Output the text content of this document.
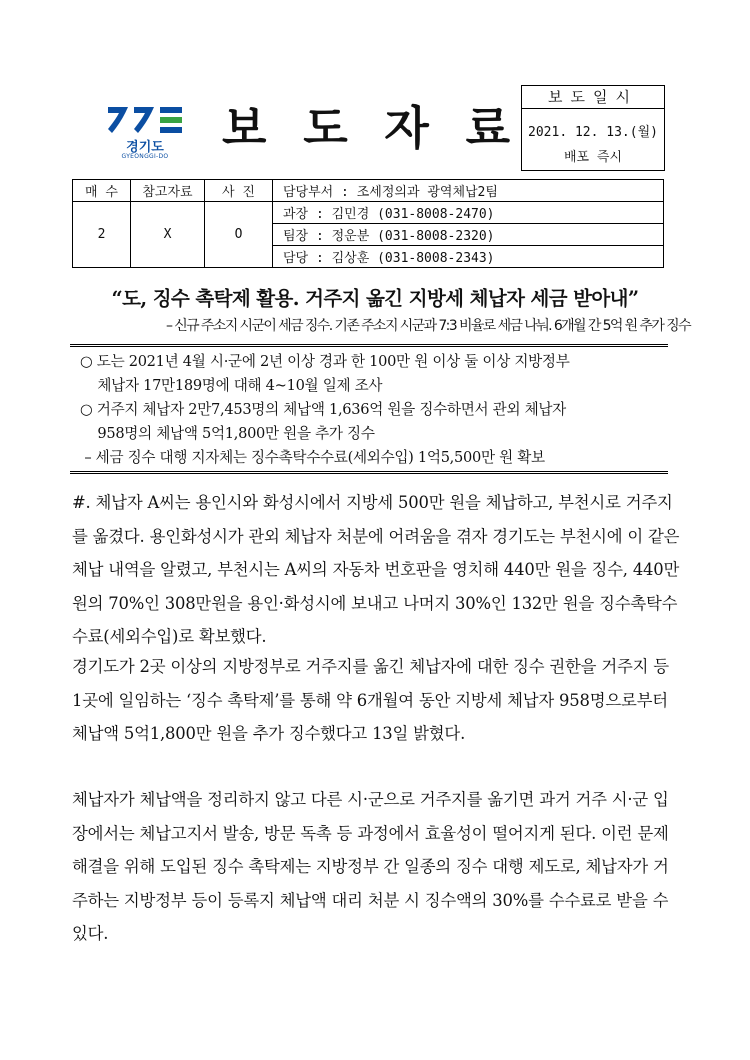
경기도
GYEONGGI-DO
보 도 자 료
보도일시
2021. 12. 13.(월)
배포 즉시
매 수	참고자료	사 진	담당부서 : 조세정의과 광역체납2팀
2	X	O	과장 : 김민경 (031-8008-2470)
			팀장 : 정운분 (031-8008-2320)
			담당 : 김상훈 (031-8008-2343)
“도, 징수 촉탁제 활용. 거주지 옮긴 지방세 체납자 세금 받아내”
– 신규 주소지 시군이 세금 징수. 기존 주소지 시군과 7:3 비율로 세금 나눠. 6개월 간 5억 원 추가 징수
○ 도는 2021년 4월 시·군에 2년 이상 경과 한 100만 원 이상 둘 이상 지방정부
체납자 17만189명에 대해 4~10월 일제 조사
○ 거주지 체납자 2만7,453명의 체납액 1,636억 원을 징수하면서 관외 체납자
958명의 체납액 5억1,800만 원을 추가 징수
– 세금 징수 대행 지자체는 징수촉탁수수료(세외수입) 1억5,500만 원 확보
#. 체납자 A씨는 용인시와 화성시에서 지방세 500만 원을 체납하고, 부천시로 거주지를 옮겼다. 용인화성시가 관외 체납자 처분에 어려움을 겪자 경기도는 부천시에 이 같은 체납 내역을 알렸고, 부천시는 A씨의 자동차 번호판을 영치해 440만 원을 징수, 440만 원의 70%인 308만원을 용인·화성시에 보내고 나머지 30%인 132만 원을 징수촉탁수수료(세외수입)로 확보했다.
경기도가 2곳 이상의 지방정부로 거주지를 옮긴 체납자에 대한 징수 권한을 거주지 등 1곳에 일임하는 ‘징수 촉탁제’를 통해 약 6개월여 동안 지방세 체납자 958명으로부터 체납액 5억1,800만 원을 추가 징수했다고 13일 밝혔다.
체납자가 체납액을 정리하지 않고 다른 시·군으로 거주지를 옮기면 과거 거주 시·군 입장에서는 체납고지서 발송, 방문 독촉 등 과정에서 효율성이 떨어지게 된다. 이런 문제 해결을 위해 도입된 징수 촉탁제는 지방정부 간 일종의 징수 대행 제도로, 체납자가 거주하는 지방정부 등이 등록지 체납액 대리 처분 시 징수액의 30%를 수수료로 받을 수 있다.
